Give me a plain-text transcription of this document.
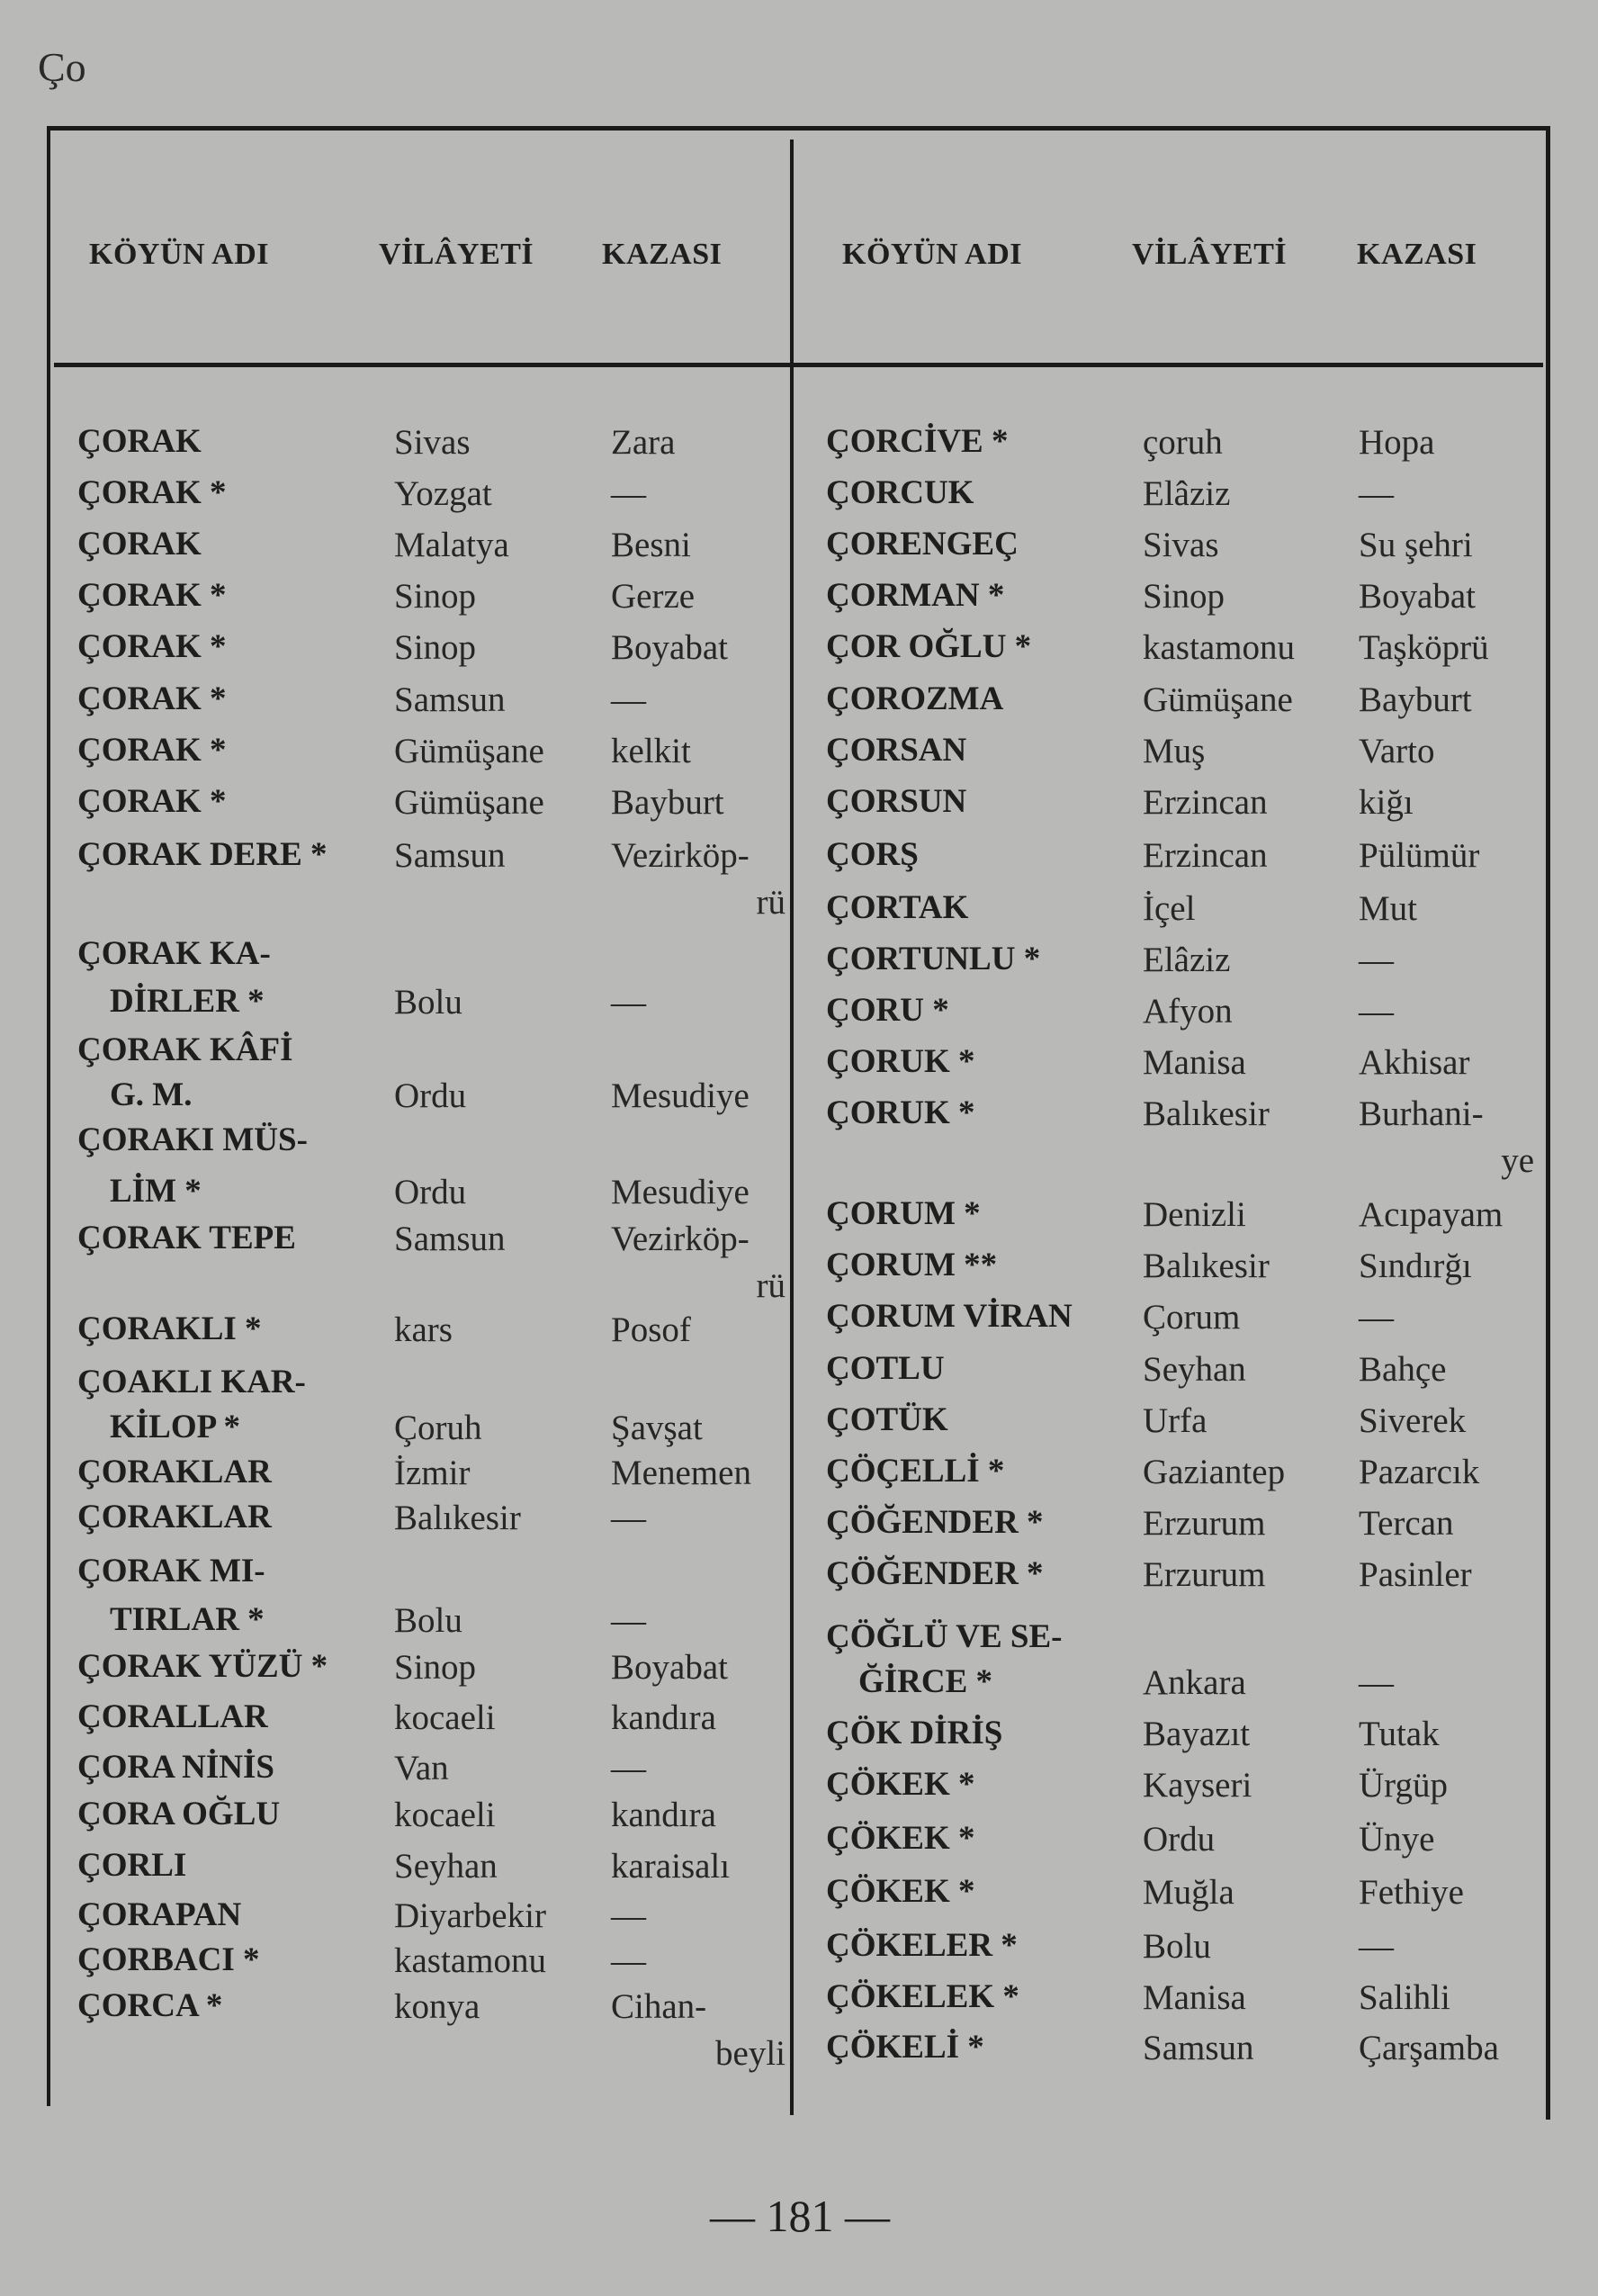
Ço
KÖYÜN ADI	VİLÂYETİ KAZASI	KÖYÜN ADI	VİLÂYETİ KAZASI
ÇORAK	Sivas	Zara
ÇORAK *	Yozgat	—
ÇORAK	Malatya	Besni
ÇORAK *	Sinop	Gerze
ÇORAK *	Sinop	Boyabat
ÇORAK *	Samsun	—
ÇORAK *	Gümüşane kelkit
ÇORAK *	Gümüşane Bayburt
ÇORAK DERE * Samsun	Vezirköp-
rü
ÇORAK KA-
DİRLER *	Bolu	—
ÇORAK KÂFİ
G. M.	Ordu	Mesudiye
ÇORAKI MÜS-
LİM *	Ordu	Mesudiye
ÇORAK TEPE	Samsun	Vezirköp-
rü
ÇORAKLI *	kars	Posof
ÇOAKLI KAR-
KİLOP *	Çoruh	Şavşat
ÇORAKLAR	İzmir	Menemen
ÇORAKLAR	Balıkesir	—
ÇORAK MI-
TIRLAR *	Bolu	—
ÇORAK YÜZÜ * Sinop	Boyabat
ÇORALLAR	kocaeli	kandıra
ÇORA NİNİS	Van	—
ÇORA OĞLU	kocaeli	kandıra
ÇORLI	Seyhan	karaisalı
ÇORAPAN	Diyarbekir —
ÇORBACI *	kastamonu —
ÇORCA *	konya	Cihan-
beyli
ÇORCİVE *	çoruh	Hopa
ÇORCUK	Elâziz	—
ÇORENGEÇ	Sivas	Su şehri
ÇORMAN *	Sinop	Boyabat
ÇOR OĞLU *	kastamonu Taşköprü
ÇOROZMA	Gümüşane Bayburt
ÇORSAN	Muş	Varto
ÇORSUN	Erzincan	kiğı
ÇORŞ	Erzincan	Pülümür
ÇORTAK	İçel	Mut
ÇORTUNLU *	Elâziz	—
ÇORU *	Afyon	—
ÇORUK *	Manisa	Akhisar
ÇORUK *	Balıkesir	Burhani-
ye
ÇORUM *	Denizli	Acıpayam
ÇORUM **	Balıkesir	Sındırğı
ÇORUM VİRAN Çorum	—
ÇOTLU	Seyhan	Bahçe
ÇOTÜK	Urfa	Siverek
ÇÖÇELLİ *	Gaziantep Pazarcık
ÇÖĞENDER *	Erzurum	Tercan
ÇÖĞENDER *	Erzurum	Pasinler
ÇÖĞLÜ VE SE-
ĞİRCE *	Ankara	—
ÇÖK DİRİŞ	Bayazıt	Tutak
ÇÖKEK *	Kayseri	Ürgüp
ÇÖKEK *	Ordu	Ünye
ÇÖKEK *	Muğla	Fethiye
ÇÖKELER *	Bolu	—
ÇÖKELEK *	Manisa	Salihli
ÇÖKELİ *	Samsun	Çarşamba
— 181 —
